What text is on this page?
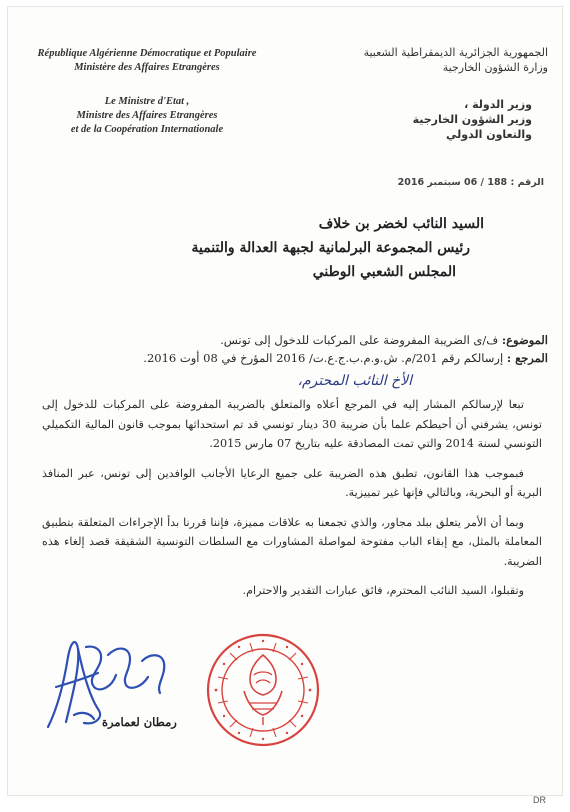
République Algérienne Démocratique et Populaire
Ministère des Affaires Etrangères
Le Ministre d'Etat ,
Ministre des Affaires Etrangères
et de la Coopération Internationale
الجمهورية الجزائرية الديمقراطية الشعبية
وزارة الشؤون الخارجية
وزير الدولة ،
وزير الشؤون الخارجية
والتعاون الدولي
الرقم : 188 / 06 سبتمبر 2016
السيد النائب لخضر بن خلاف
رئيس المجموعة البرلمانية لجبهة العدالة والتنمية
المجلس الشعبي الوطني
الموضوع: ف/ى الضريبة المفروضة على المركبات للدخول إلى تونس.
المرجع : إرسالكم رقم 201/م. ش.و.م.ب.ج.ع.ت/ 2016 المؤرخ في 08 أوت 2016.
الأخ النائب المحترم،

تبعا لإرسالكم المشار إليه في المرجع أعلاه والمتعلق بالضريبة المفروضة على المركبات للدخول إلى تونس، يشرفني أن أحيطكم علما بأن ضريبة 30 دينار تونسي قد تم استحداثها بموجب قانون المالية التكميلي التونسي لسنة 2014 والتي تمت المصادقة عليه بتاريخ 07 مارس 2015.

فبموجب هذا القانون، تطبق هذه الضريبة على جميع الرعايا الأجانب الوافدين إلى تونس، عبر المنافذ البرية أو البحرية، وبالتالي فإنها غير تمييزية.

وبما أن الأمر يتعلق ببلد مجاور، والذي تجمعنا به علاقات مميزة، فإننا قررنا بدأ الإجراءات المتعلقة بتطبيق المعاملة بالمثل، مع إبقاء الباب مفتوحة لمواصلة المشاورات مع السلطات التونسية الشقيقة قصد إلغاء هذه الضريبة.

وتقبلوا، السيد النائب المحترم، فائق عبارات التقدير والاحترام.

رمطان لعمامرة
DR
